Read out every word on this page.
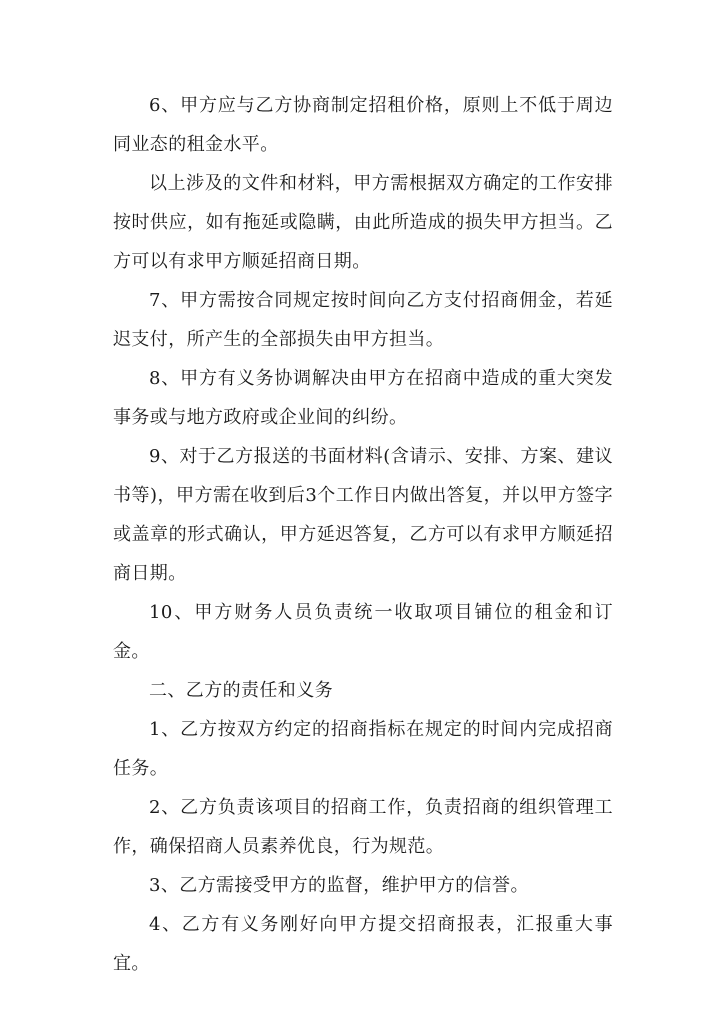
6、甲方应与乙方协商制定招租价格，原则上不低于周边同业态的租金水平。

以上涉及的文件和材料，甲方需根据双方确定的工作安排按时供应，如有拖延或隐瞒，由此所造成的损失甲方担当。乙方可以有求甲方顺延招商日期。

7、甲方需按合同规定按时间向乙方支付招商佣金，若延迟支付，所产生的全部损失由甲方担当。

8、甲方有义务协调解决由甲方在招商中造成的重大突发事务或与地方政府或企业间的纠纷。

9、对于乙方报送的书面材料(含请示、安排、方案、建议书等)，甲方需在收到后3个工作日内做出答复，并以甲方签字或盖章的形式确认，甲方延迟答复，乙方可以有求甲方顺延招商日期。

10、甲方财务人员负责统一收取项目铺位的租金和订金。

二、乙方的责任和义务

1、乙方按双方约定的招商指标在规定的时间内完成招商任务。

2、乙方负责该项目的招商工作，负责招商的组织管理工作，确保招商人员素养优良，行为规范。

3、乙方需接受甲方的监督，维护甲方的信誉。

4、乙方有义务刚好向甲方提交招商报表，汇报重大事宜。
